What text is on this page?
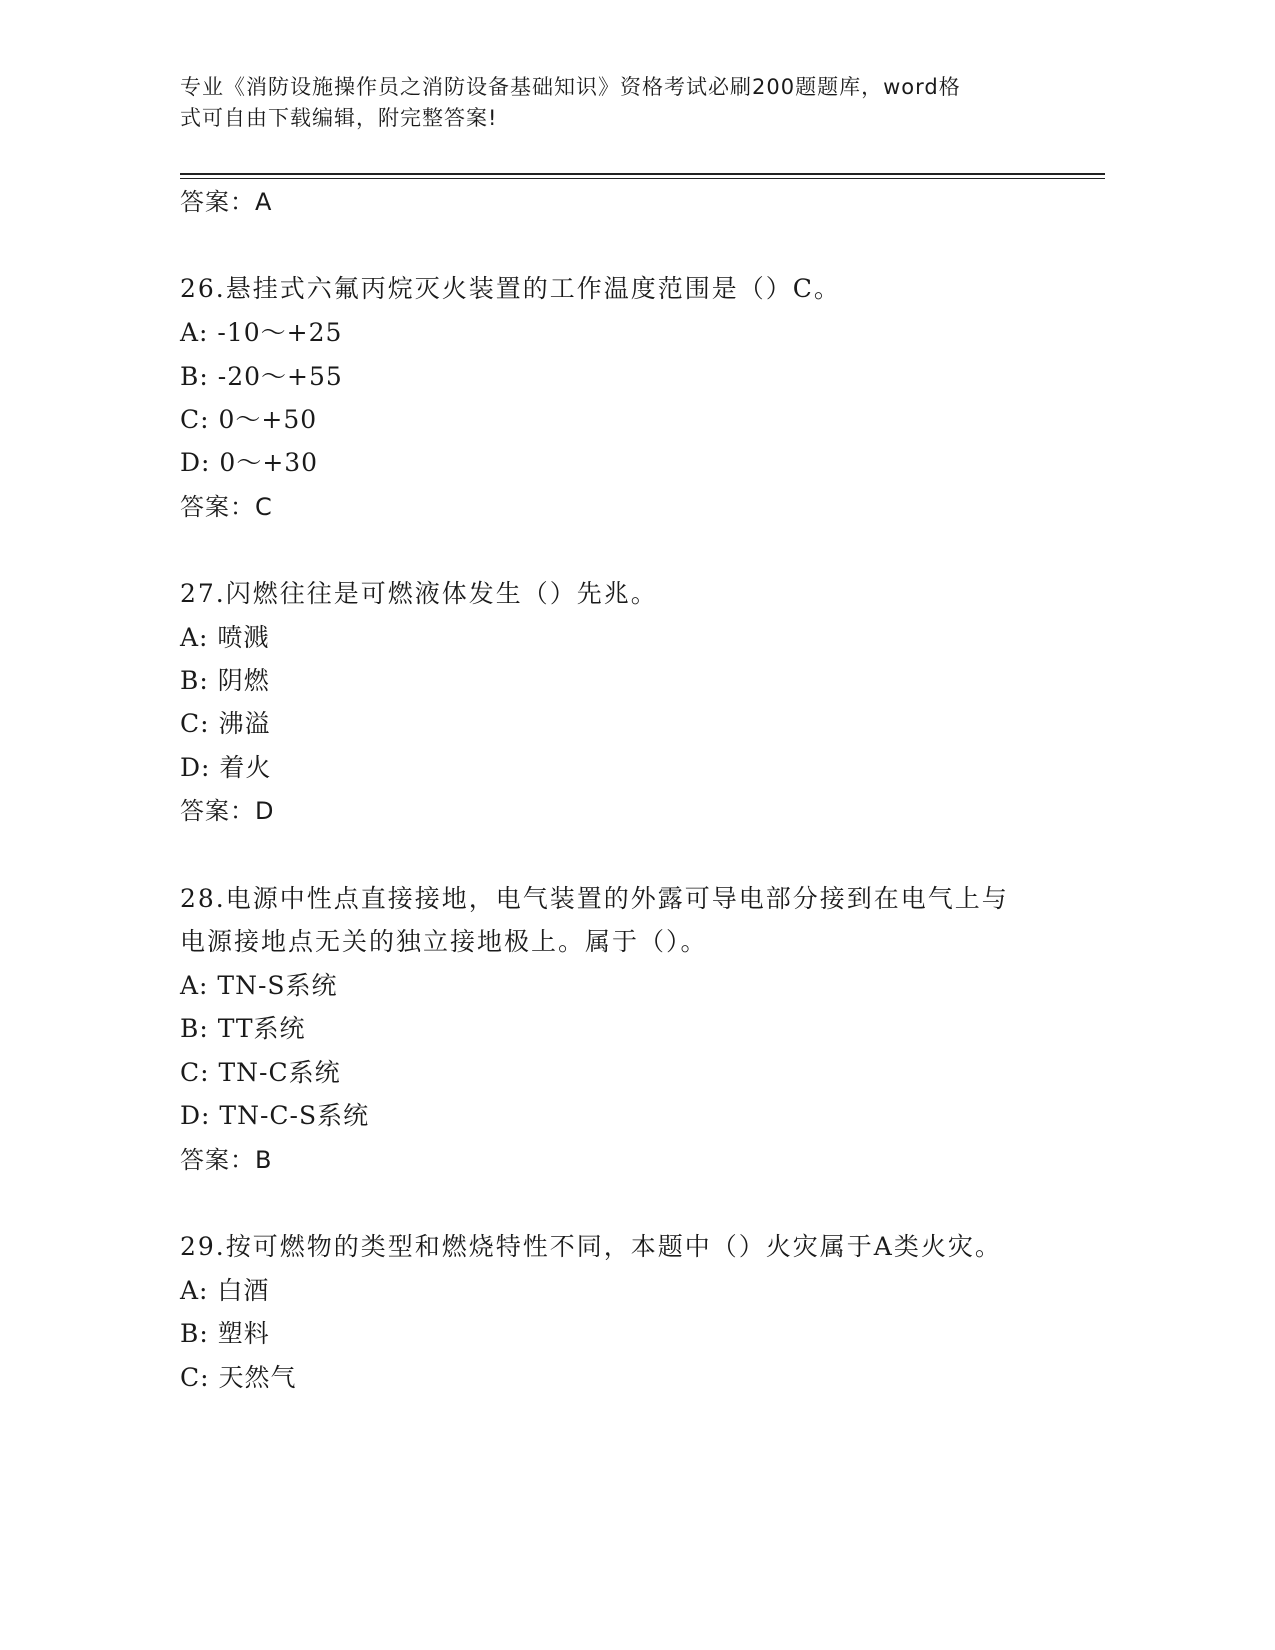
专业《消防设施操作员之消防设备基础知识》资格考试必刷200题题库，word格
式可自由下载编辑，附完整答案!
答案：A
26.悬挂式六氟丙烷灭火装置的工作温度范围是（）C。
A: -10～+25
B: -20～+55
C: 0～+50
D: 0～+30
答案：C
27.闪燃往往是可燃液体发生（）先兆。
A: 喷溅
B: 阴燃
C: 沸溢
D: 着火
答案：D
28.电源中性点直接接地，电气装置的外露可导电部分接到在电气上与
电源接地点无关的独立接地极上。属于（）。
A: TN-S系统
B: TT系统
C: TN-C系统
D: TN-C-S系统
答案：B
29.按可燃物的类型和燃烧特性不同，本题中（）火灾属于A类火灾。
A: 白酒
B: 塑料
C: 天然气
